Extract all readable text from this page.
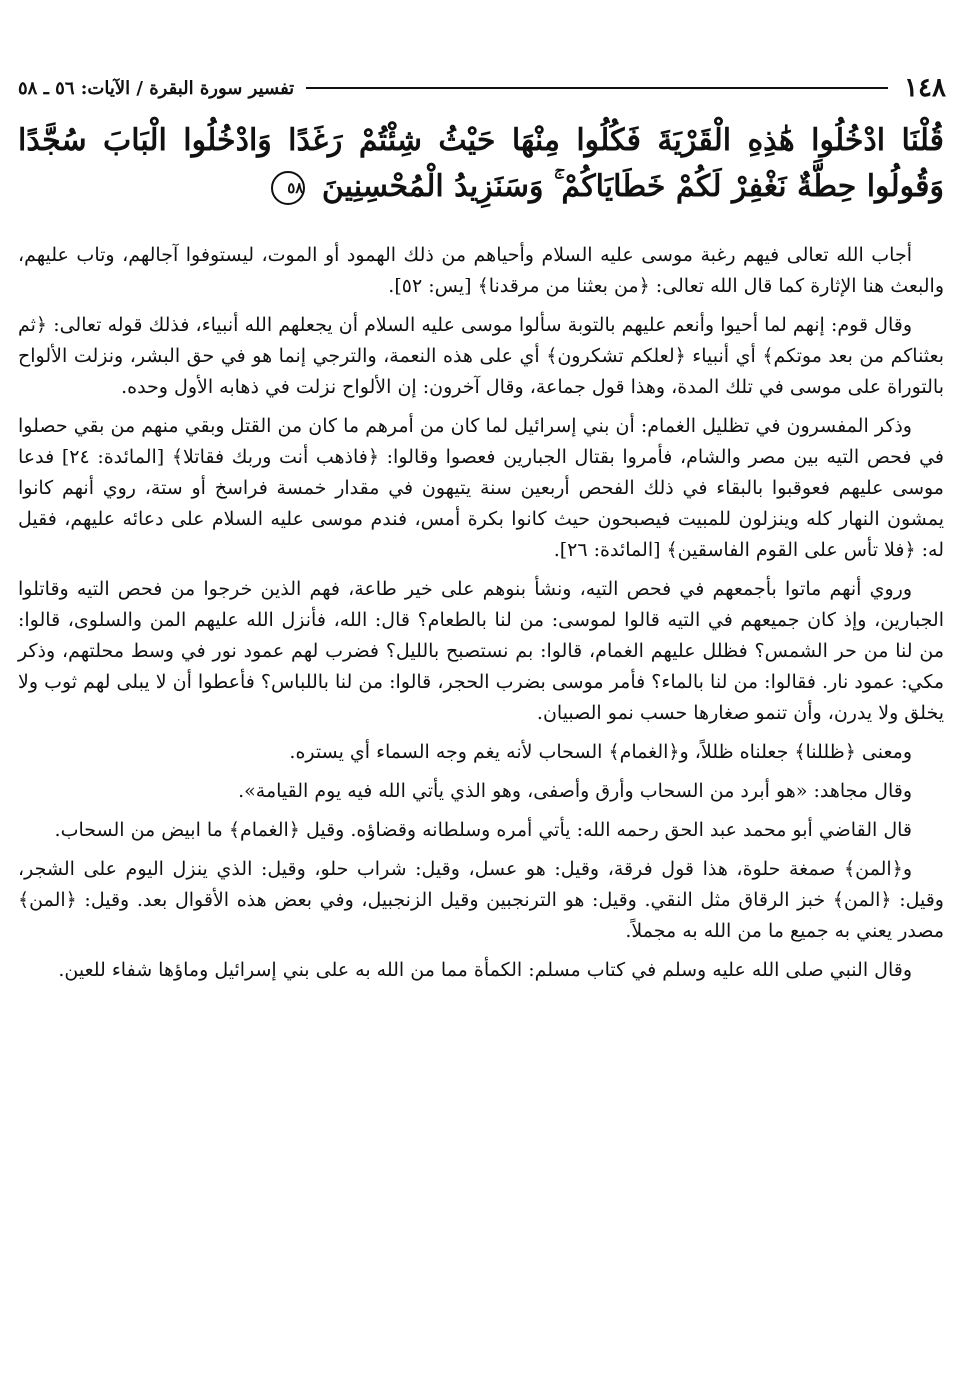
١٤٨
تفسير سورة البقرة / الآيات: ٥٦ ـ ٥٨
قُلْنَا ادْخُلُوا هَٰذِهِ الْقَرْيَةَ فَكُلُوا مِنْهَا حَيْثُ شِئْتُمْ رَغَدًا وَادْخُلُوا الْبَابَ سُجَّدًا وَقُولُوا حِطَّةٌ نَغْفِرْ لَكُمْ خَطَايَاكُمْ ۚ وَسَنَزِيدُ الْمُحْسِنِينَ ٥٨

أجاب الله تعالى فيهم رغبة موسى عليه السلام وأحياهم من ذلك الهمود أو الموت، ليستوفوا آجالهم، وتاب عليهم، والبعث هنا الإثارة كما قال الله تعالى: ﴿من بعثنا من مرقدنا﴾ [يس: ٥٢].

وقال قوم: إنهم لما أحيوا وأنعم عليهم بالتوبة سألوا موسى عليه السلام أن يجعلهم الله أنبياء، فذلك قوله تعالى: ﴿ثم بعثناكم من بعد موتكم﴾ أي أنبياء ﴿لعلكم تشكرون﴾ أي على هذه النعمة، والترجي إنما هو في حق البشر، ونزلت الألواح بالتوراة على موسى في تلك المدة، وهذا قول جماعة، وقال آخرون: إن الألواح نزلت في ذهابه الأول وحده.

وذكر المفسرون في تظليل الغمام: أن بني إسرائيل لما كان من أمرهم ما كان من القتل وبقي منهم من بقي حصلوا في فحص التيه بين مصر والشام، فأمروا بقتال الجبارين فعصوا وقالوا: ﴿فاذهب أنت وربك فقاتلا﴾ [المائدة: ٢٤] فدعا موسى عليهم فعوقبوا بالبقاء في ذلك الفحص أربعين سنة يتيهون في مقدار خمسة فراسخ أو ستة، روي أنهم كانوا يمشون النهار كله وينزلون للمبيت فيصبحون حيث كانوا بكرة أمس، فندم موسى عليه السلام على دعائه عليهم، فقيل له: ﴿فلا تأس على القوم الفاسقين﴾ [المائدة: ٢٦].

وروي أنهم ماتوا بأجمعهم في فحص التيه، ونشأ بنوهم على خير طاعة، فهم الذين خرجوا من فحص التيه وقاتلوا الجبارين، وإذ كان جميعهم في التيه قالوا لموسى: من لنا بالطعام؟ قال: الله، فأنزل الله عليهم المن والسلوى، قالوا: من لنا من حر الشمس؟ فظلل عليهم الغمام، قالوا: بم نستصبح بالليل؟ فضرب لهم عمود نور في وسط محلتهم، وذكر مكي: عمود نار. فقالوا: من لنا بالماء؟ فأمر موسى بضرب الحجر، قالوا: من لنا باللباس؟ فأعطوا أن لا يبلى لهم ثوب ولا يخلق ولا يدرن، وأن تنمو صغارها حسب نمو الصبيان.

ومعنى ﴿ظللنا﴾ جعلناه ظللاً، و﴿الغمام﴾ السحاب لأنه يغم وجه السماء أي يستره.

وقال مجاهد: «هو أبرد من السحاب وأرق وأصفى، وهو الذي يأتي الله فيه يوم القيامة».

قال القاضي أبو محمد عبد الحق رحمه الله: يأتي أمره وسلطانه وقضاؤه. وقيل ﴿الغمام﴾ ما ابيض من السحاب.

و﴿المن﴾ صمغة حلوة، هذا قول فرقة، وقيل: هو عسل، وقيل: شراب حلو، وقيل: الذي ينزل اليوم على الشجر، وقيل: ﴿المن﴾ خبز الرقاق مثل النقي. وقيل: هو الترنجبين وقيل الزنجبيل، وفي بعض هذه الأقوال بعد. وقيل: ﴿المن﴾ مصدر يعني به جميع ما من الله به مجملاً.

وقال النبي صلى الله عليه وسلم في كتاب مسلم: الكمأة مما من الله به على بني إسرائيل وماؤها شفاء للعين.
